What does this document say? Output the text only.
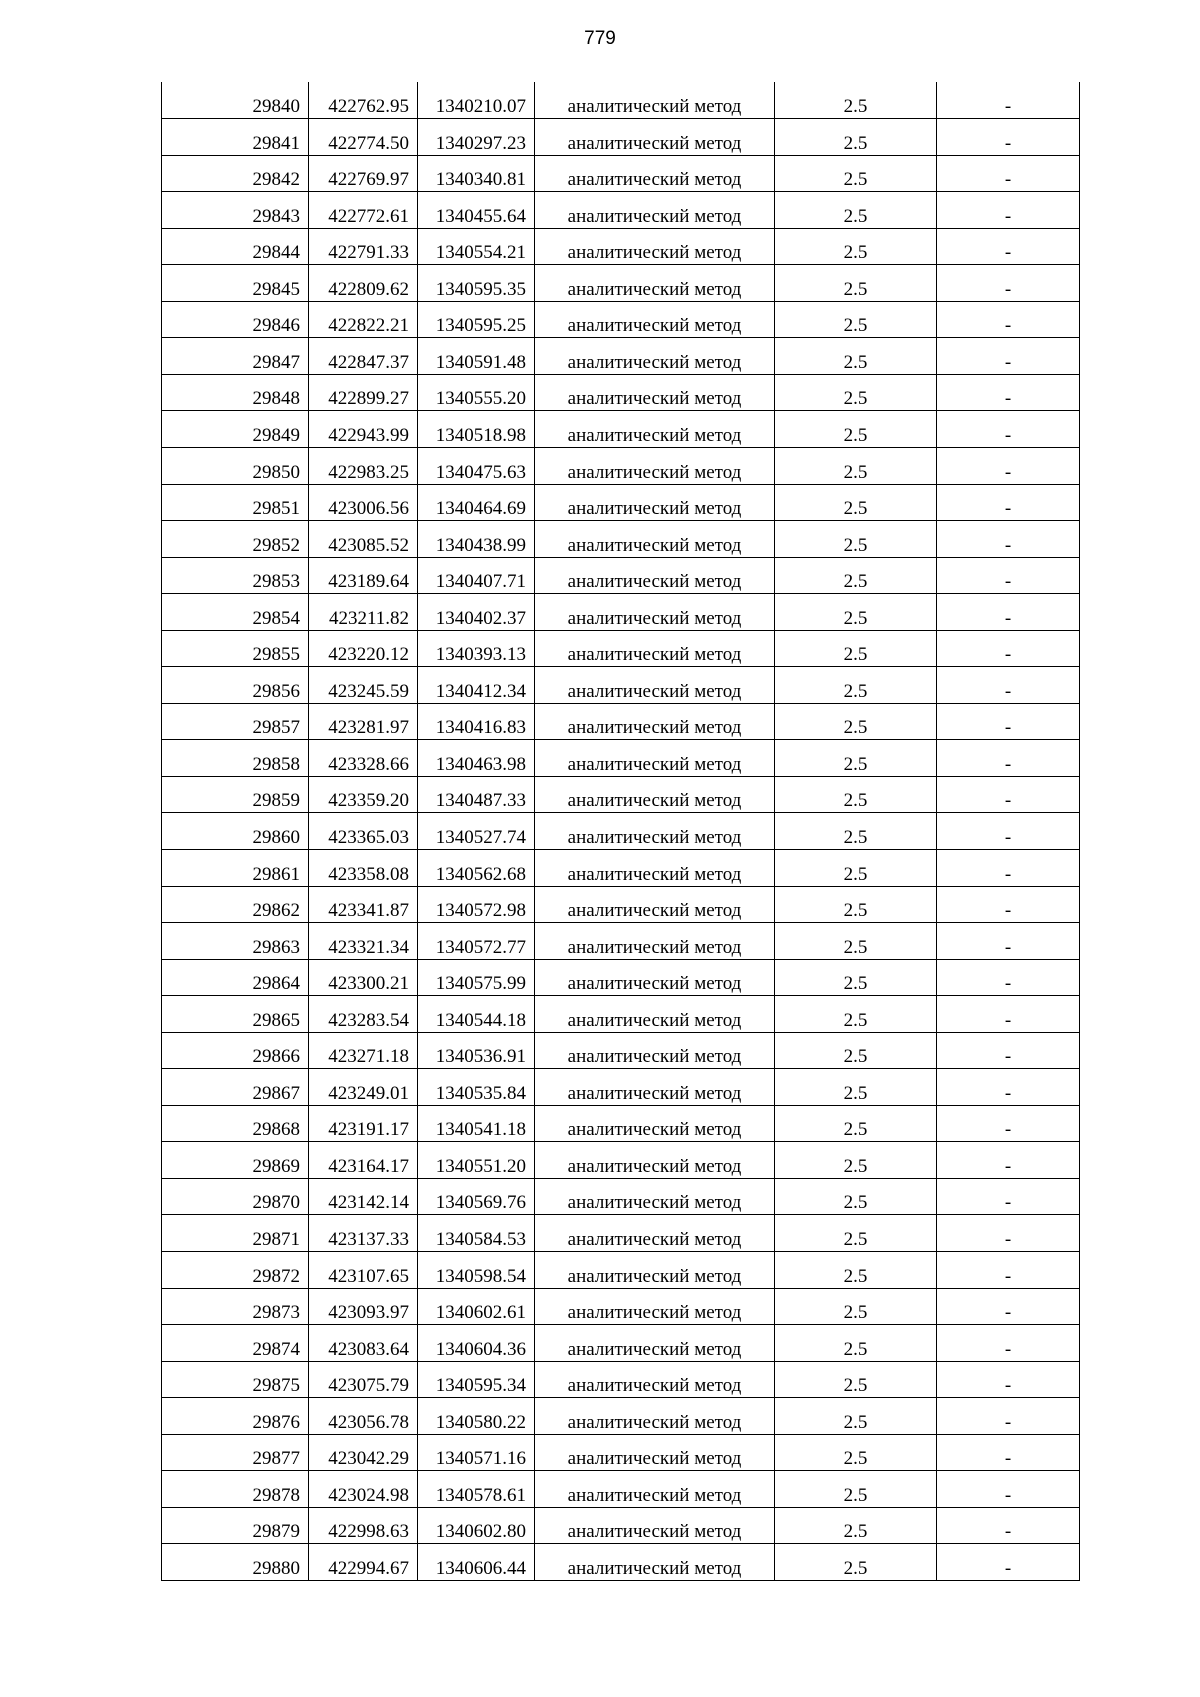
779
29840	422762.95	1340210.07	аналитический метод	2.5	-
29841	422774.50	1340297.23	аналитический метод	2.5	-
29842	422769.97	1340340.81	аналитический метод	2.5	-
29843	422772.61	1340455.64	аналитический метод	2.5	-
29844	422791.33	1340554.21	аналитический метод	2.5	-
29845	422809.62	1340595.35	аналитический метод	2.5	-
29846	422822.21	1340595.25	аналитический метод	2.5	-
29847	422847.37	1340591.48	аналитический метод	2.5	-
29848	422899.27	1340555.20	аналитический метод	2.5	-
29849	422943.99	1340518.98	аналитический метод	2.5	-
29850	422983.25	1340475.63	аналитический метод	2.5	-
29851	423006.56	1340464.69	аналитический метод	2.5	-
29852	423085.52	1340438.99	аналитический метод	2.5	-
29853	423189.64	1340407.71	аналитический метод	2.5	-
29854	423211.82	1340402.37	аналитический метод	2.5	-
29855	423220.12	1340393.13	аналитический метод	2.5	-
29856	423245.59	1340412.34	аналитический метод	2.5	-
29857	423281.97	1340416.83	аналитический метод	2.5	-
29858	423328.66	1340463.98	аналитический метод	2.5	-
29859	423359.20	1340487.33	аналитический метод	2.5	-
29860	423365.03	1340527.74	аналитический метод	2.5	-
29861	423358.08	1340562.68	аналитический метод	2.5	-
29862	423341.87	1340572.98	аналитический метод	2.5	-
29863	423321.34	1340572.77	аналитический метод	2.5	-
29864	423300.21	1340575.99	аналитический метод	2.5	-
29865	423283.54	1340544.18	аналитический метод	2.5	-
29866	423271.18	1340536.91	аналитический метод	2.5	-
29867	423249.01	1340535.84	аналитический метод	2.5	-
29868	423191.17	1340541.18	аналитический метод	2.5	-
29869	423164.17	1340551.20	аналитический метод	2.5	-
29870	423142.14	1340569.76	аналитический метод	2.5	-
29871	423137.33	1340584.53	аналитический метод	2.5	-
29872	423107.65	1340598.54	аналитический метод	2.5	-
29873	423093.97	1340602.61	аналитический метод	2.5	-
29874	423083.64	1340604.36	аналитический метод	2.5	-
29875	423075.79	1340595.34	аналитический метод	2.5	-
29876	423056.78	1340580.22	аналитический метод	2.5	-
29877	423042.29	1340571.16	аналитический метод	2.5	-
29878	423024.98	1340578.61	аналитический метод	2.5	-
29879	422998.63	1340602.80	аналитический метод	2.5	-
29880	422994.67	1340606.44	аналитический метод	2.5	-
